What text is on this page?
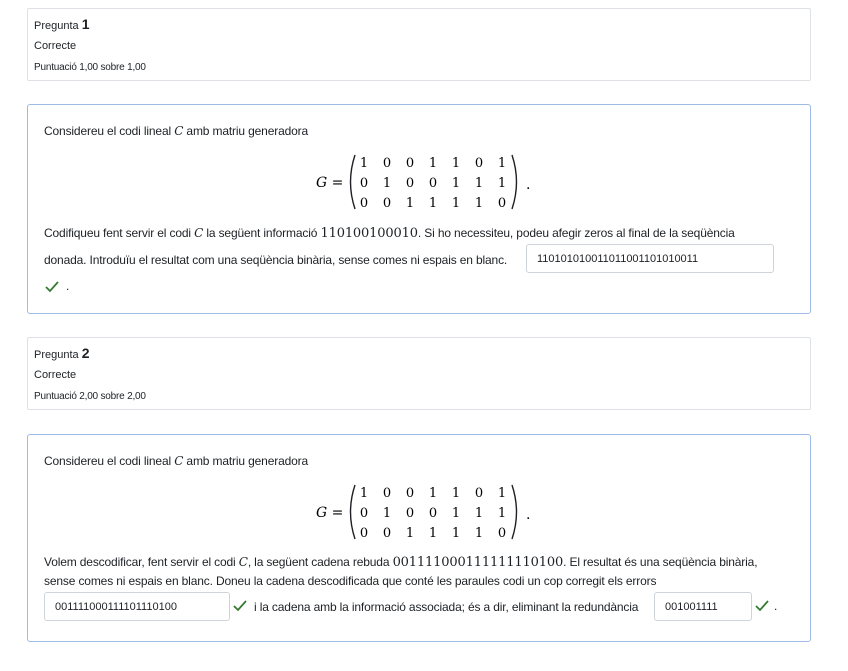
Pregunta 1
Correcte
Puntuació 1,00 sobre 1,00
Considereu el codi lineal C amb matriu generadora
G =
1 0 0 1 1 0 1
0 1 0 0 1 1 1
0 0 1 1 1 1 0
.
Codifiqueu fent servir el codi C la següent informació 110100100010. Si ho necessiteu, podeu afegir zeros al final de la seqüència
donada. Introduïu el resultat com una seqüència binària, sense comes ni espais en blanc.
110101010011011001101010011
.
Pregunta 2
Correcte
Puntuació 2,00 sobre 2,00
Considereu el codi lineal C amb matriu generadora
G =
1 0 0 1 1 0 1
0 1 0 0 1 1 1
0 0 1 1 1 1 0
.
Volem descodificar, fent servir el codi C, la següent cadena rebuda 001111000111111110100. El resultat és una seqüència binària,
sense comes ni espais en blanc. Doneu la cadena descodificada que conté les paraules codi un cop corregit els errors
001111000111101110100
i la cadena amb la informació associada; és a dir, eliminant la redundància
001001111	.
